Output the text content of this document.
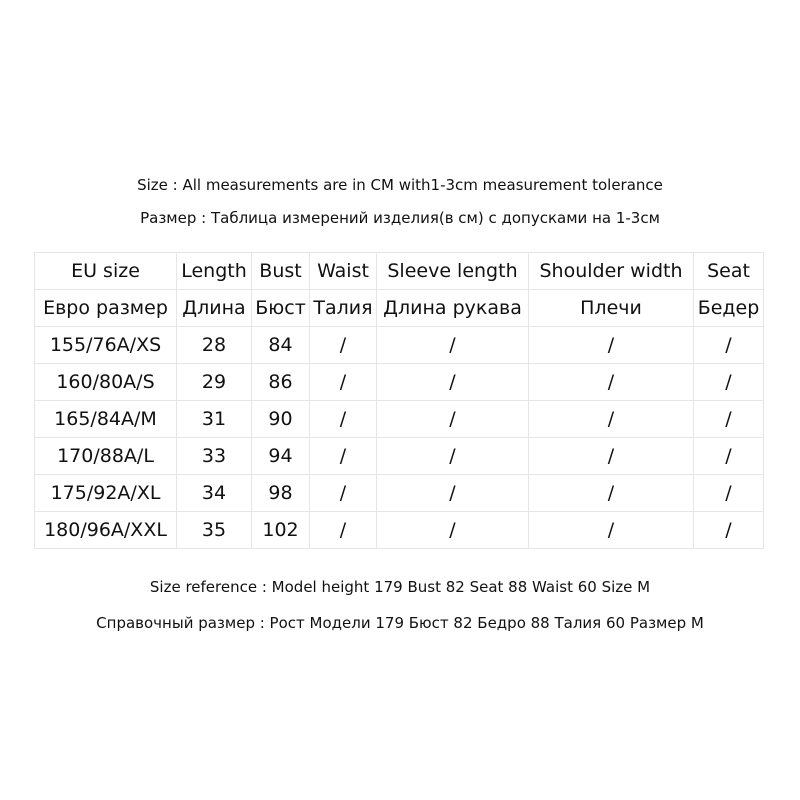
Size : All measurements are in CM with1-3cm measurement tolerance
Размер : Таблица измерений изделия(в см) с допусками на 1-3см
EU size	Length	Bust	Waist	Sleeve length	Shoulder width	Seat
Евро размер	Длина	Бюст	Талия	Длина рукава	Плечи	Бедер
155/76A/XS	28	84	/	/	/	/
160/80A/S	29	86	/	/	/	/
165/84A/M	31	90	/	/	/	/
170/88A/L	33	94	/	/	/	/
175/92A/XL	34	98	/	/	/	/
180/96A/XXL	35	102	/	/	/	/
Size reference : Model height 179 Bust 82 Seat 88 Waist 60 Size M
Справочный размер : Рост Модели 179 Бюст 82 Бедро 88 Талия 60 Размер M
